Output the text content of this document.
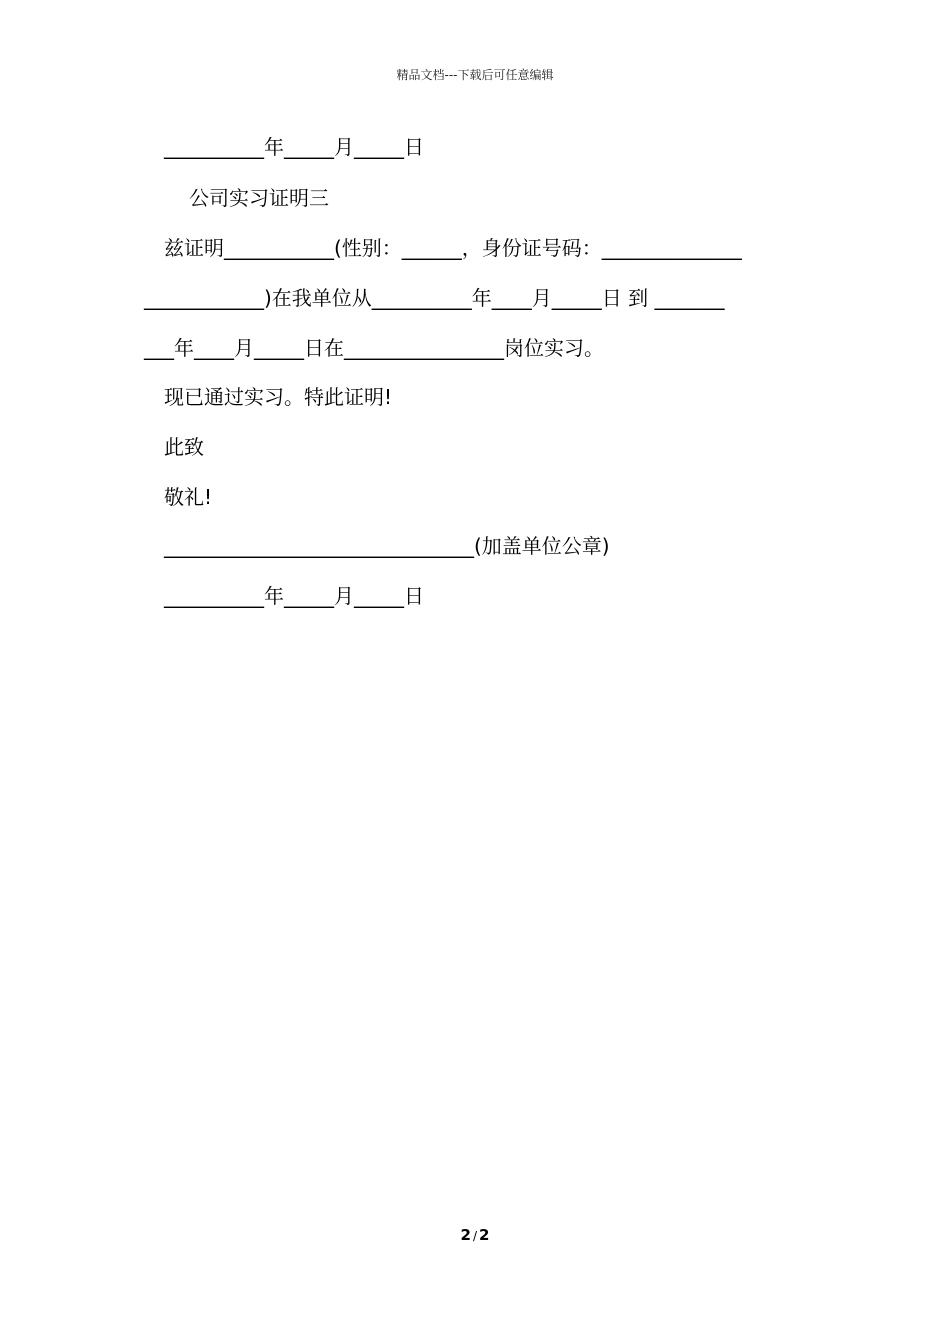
精品文档---下载后可任意编辑
__________年_____月_____日
公司实习证明三
兹证明___________(性别：______，身份证号码：______________
____________)在我单位从__________年____月_____日 到 _______
___年____月_____日在________________岗位实习。
现已通过实习。特此证明!
此致
敬礼!
_______________________________(加盖单位公章)
__________年_____月_____日
2 / 2
